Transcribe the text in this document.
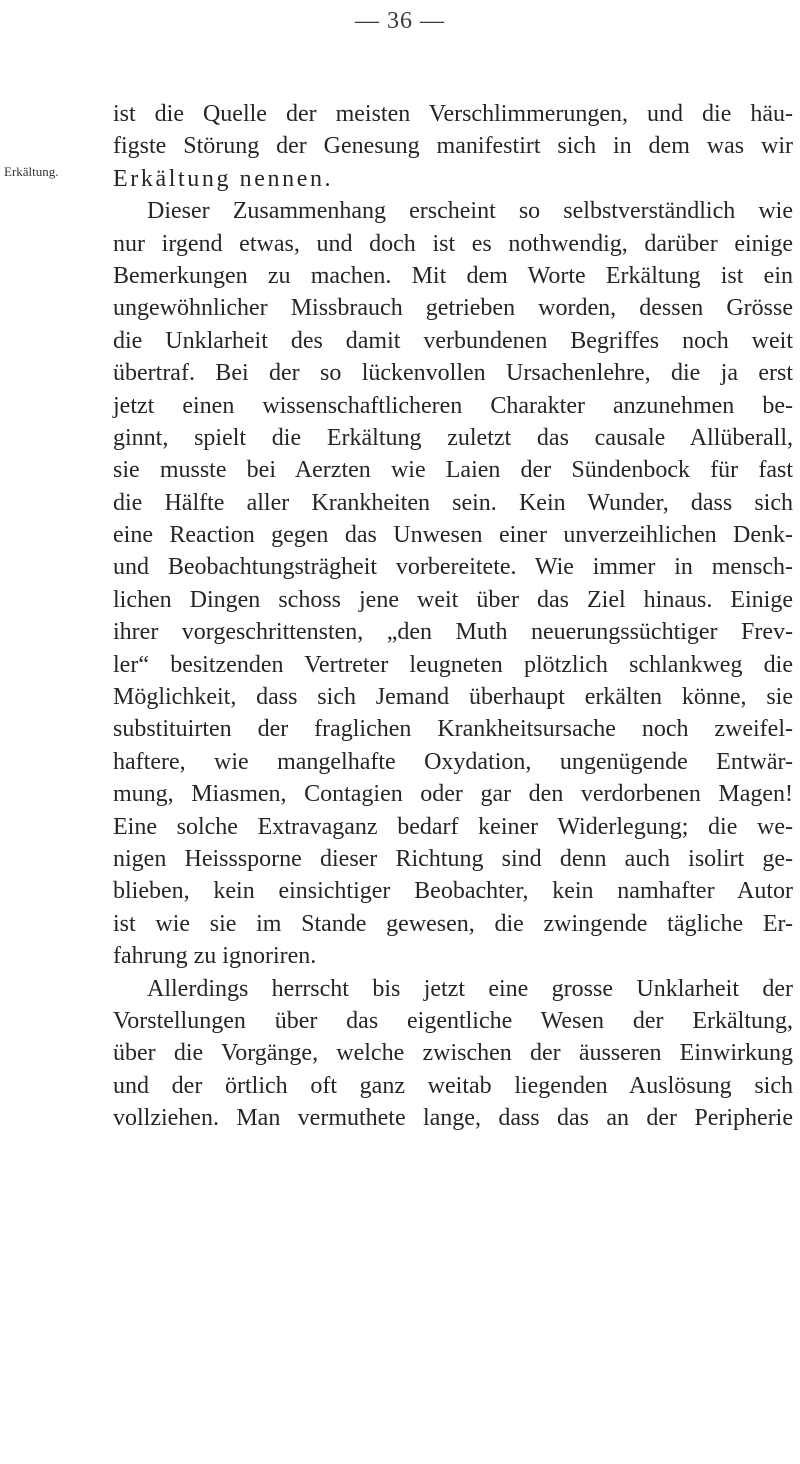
— 36 —
Erkältung.
ist die Quelle der meisten Verschlimmerungen, und die häu-
figste Störung der Genesung manifestirt sich in dem was wir
Erkältung nennen.
Dieser Zusammenhang erscheint so selbstverständlich wie
nur irgend etwas, und doch ist es nothwendig, darüber einige
Bemerkungen zu machen. Mit dem Worte Erkältung ist ein
ungewöhnlicher Missbrauch getrieben worden, dessen Grösse
die Unklarheit des damit verbundenen Begriffes noch weit
übertraf. Bei der so lückenvollen Ursachenlehre, die ja erst
jetzt einen wissenschaftlicheren Charakter anzunehmen be-
ginnt, spielt die Erkältung zuletzt das causale Allüberall,
sie musste bei Aerzten wie Laien der Sündenbock für fast
die Hälfte aller Krankheiten sein. Kein Wunder, dass sich
eine Reaction gegen das Unwesen einer unverzeihlichen Denk-
und Beobachtungsträgheit vorbereitete. Wie immer in mensch-
lichen Dingen schoss jene weit über das Ziel hinaus. Einige
ihrer vorgeschrittensten, „den Muth neuerungssüchtiger Frev-
ler“ besitzenden Vertreter leugneten plötzlich schlankweg die
Möglichkeit, dass sich Jemand überhaupt erkälten könne, sie
substituirten der fraglichen Krankheitsursache noch zweifel-
haftere, wie mangelhafte Oxydation, ungenügende Entwär-
mung, Miasmen, Contagien oder gar den verdorbenen Magen!
Eine solche Extravaganz bedarf keiner Widerlegung; die we-
nigen Heisssporne dieser Richtung sind denn auch isolirt ge-
blieben, kein einsichtiger Beobachter, kein namhafter Autor
ist wie sie im Stande gewesen, die zwingende tägliche Er-
fahrung zu ignoriren.
Allerdings herrscht bis jetzt eine grosse Unklarheit der
Vorstellungen über das eigentliche Wesen der Erkältung,
über die Vorgänge, welche zwischen der äusseren Einwirkung
und der örtlich oft ganz weitab liegenden Auslösung sich
vollziehen. Man vermuthete lange, dass das an der Peripherie
